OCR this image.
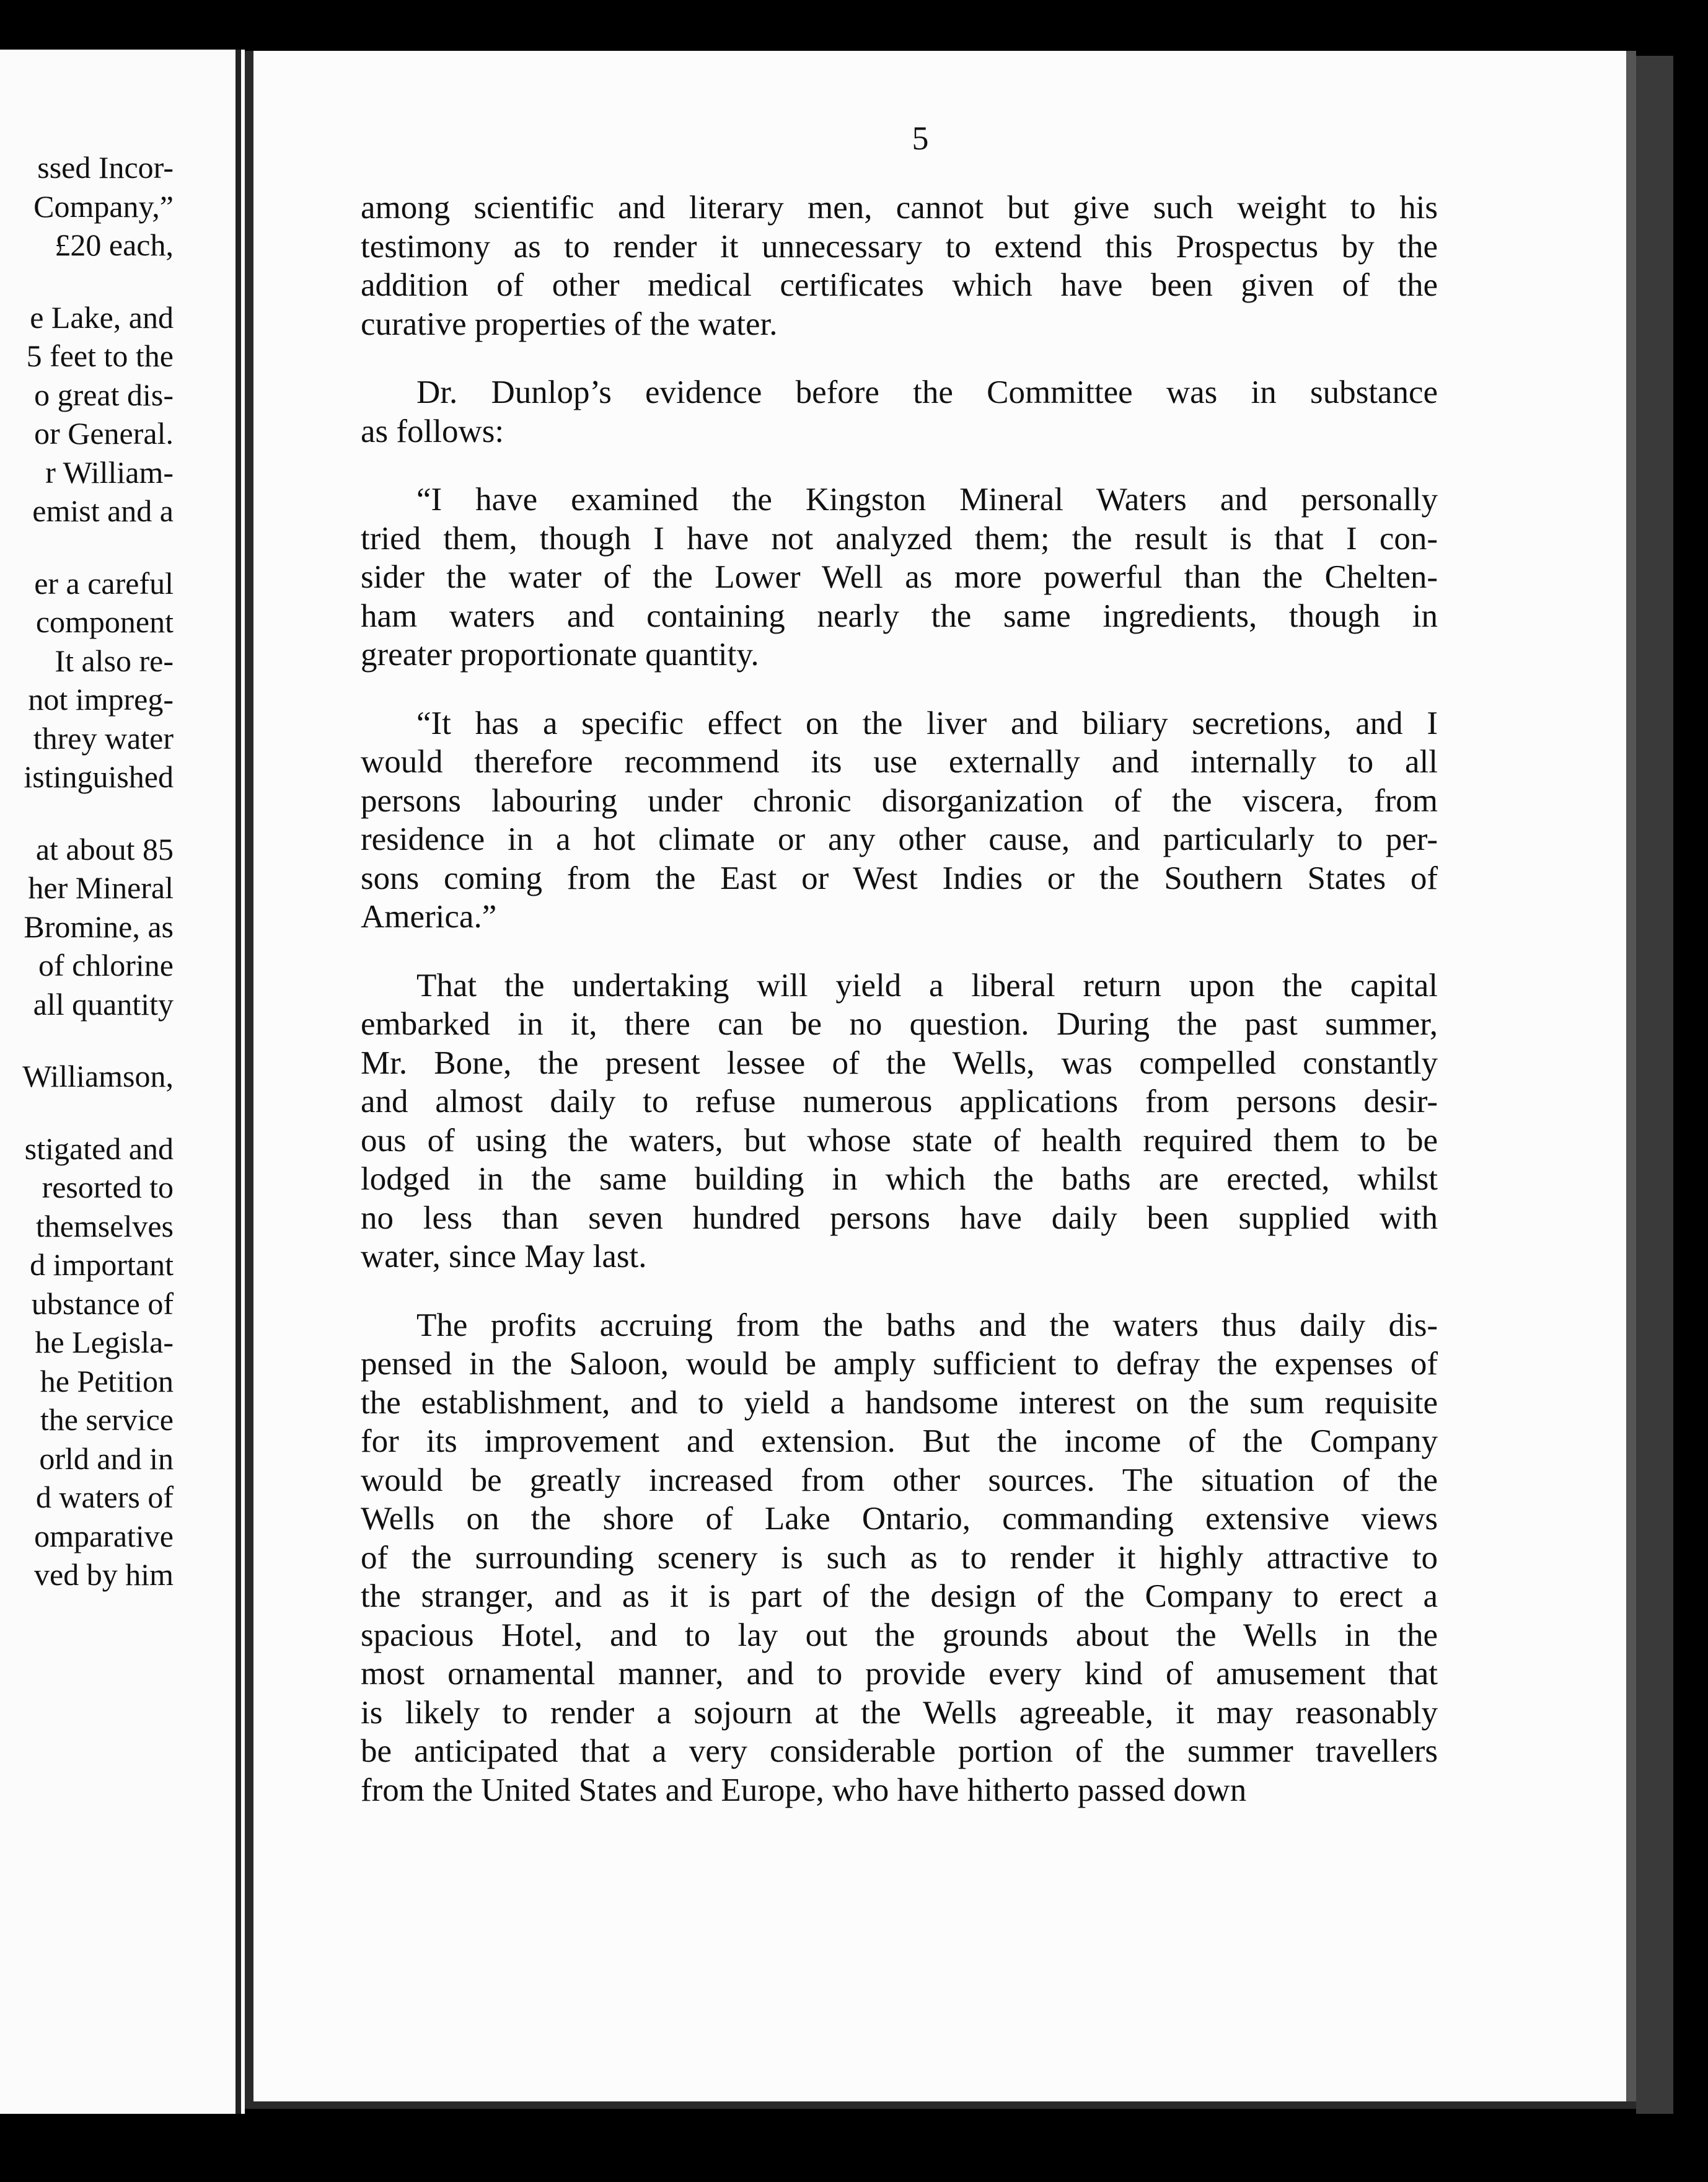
ssed Incor-
Company,”
£20 each,
e Lake, and
5 feet to the
o great dis-
or General.
r William-
emist and a
er a careful
component
It also re-
not impreg-
threy water
istinguished
at about 85
her Mineral
Bromine, as
of chlorine
all quantity
Williamson,
stigated and
resorted to
themselves
d important
ubstance of
he Legisla-
he Petition
the service
orld and in
d waters of
omparative
ved by him
5
among scientific and literary men, cannot but give such weight to his
testimony as to render it unnecessary to extend this Prospectus by the
addition of other medical certificates which have been given of the
curative properties of the water.
Dr. Dunlop’s evidence before the Committee was in substance
as follows:
“I have examined the Kingston Mineral Waters and personally
tried them, though I have not analyzed them; the result is that I con-
sider the water of the Lower Well as more powerful than the Chelten-
ham waters and containing nearly the same ingredients, though in
greater proportionate quantity.
“It has a specific effect on the liver and biliary secretions, and I
would therefore recommend its use externally and internally to all
persons labouring under chronic disorganization of the viscera, from
residence in a hot climate or any other cause, and particularly to per-
sons coming from the East or West Indies or the Southern States of
America.”
That the undertaking will yield a liberal return upon the capital
embarked in it, there can be no question. During the past summer,
Mr. Bone, the present lessee of the Wells, was compelled constantly
and almost daily to refuse numerous applications from persons desir-
ous of using the waters, but whose state of health required them to be
lodged in the same building in which the baths are erected, whilst
no less than seven hundred persons have daily been supplied with
water, since May last.
The profits accruing from the baths and the waters thus daily dis-
pensed in the Saloon, would be amply sufficient to defray the expenses of
the establishment, and to yield a handsome interest on the sum requisite
for its improvement and extension. But the income of the Company
would be greatly increased from other sources. The situation of the
Wells on the shore of Lake Ontario, commanding extensive views
of the surrounding scenery is such as to render it highly attractive to
the stranger, and as it is part of the design of the Company to erect a
spacious Hotel, and to lay out the grounds about the Wells in the
most ornamental manner, and to provide every kind of amusement that
is likely to render a sojourn at the Wells agreeable, it may reasonably
be anticipated that a very considerable portion of the summer travellers
from the United States and Europe, who have hitherto passed down
